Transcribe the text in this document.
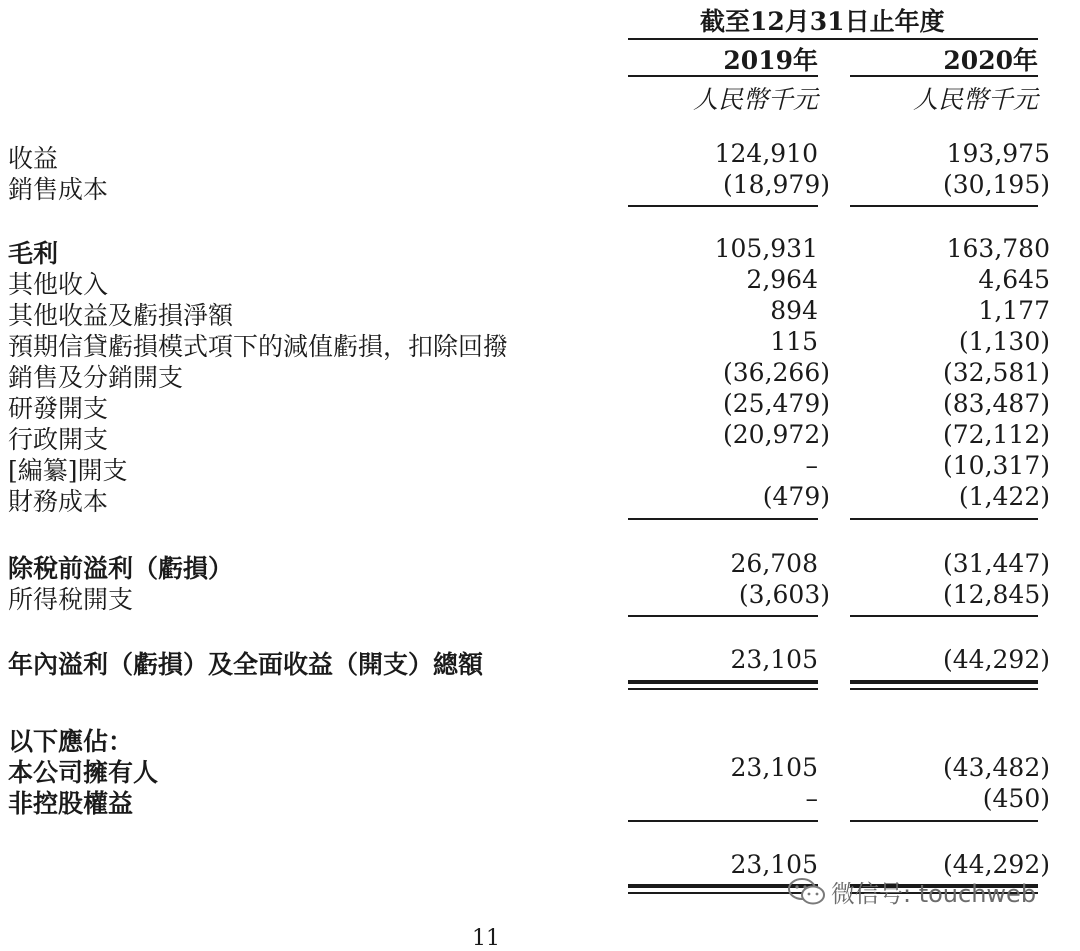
截至12月31日止年度
2019年	2020年
人民幣千元	人民幣千元
收益	124,910	193,975
銷售成本	(18,979)	(30,195)
毛利	105,931	163,780
其他收入	2,964	4,645
其他收益及虧損淨額	894	1,177
預期信貸虧損模式項下的減值虧損，扣除回撥	115	(1,130)
銷售及分銷開支	(36,266)	(32,581)
研發開支	(25,479)	(83,487)
行政開支	(20,972)	(72,112)
[編纂]開支	–	(10,317)
財務成本	(479)	(1,422)
除稅前溢利（虧損）	26,708	(31,447)
所得稅開支	(3,603)	(12,845)
年內溢利（虧損）及全面收益（開支）總額	23,105	(44,292)
以下應佔：
本公司擁有人	23,105	(43,482)
非控股權益	–	(450)
23,105	(44,292)
微信号: touchweb
11
